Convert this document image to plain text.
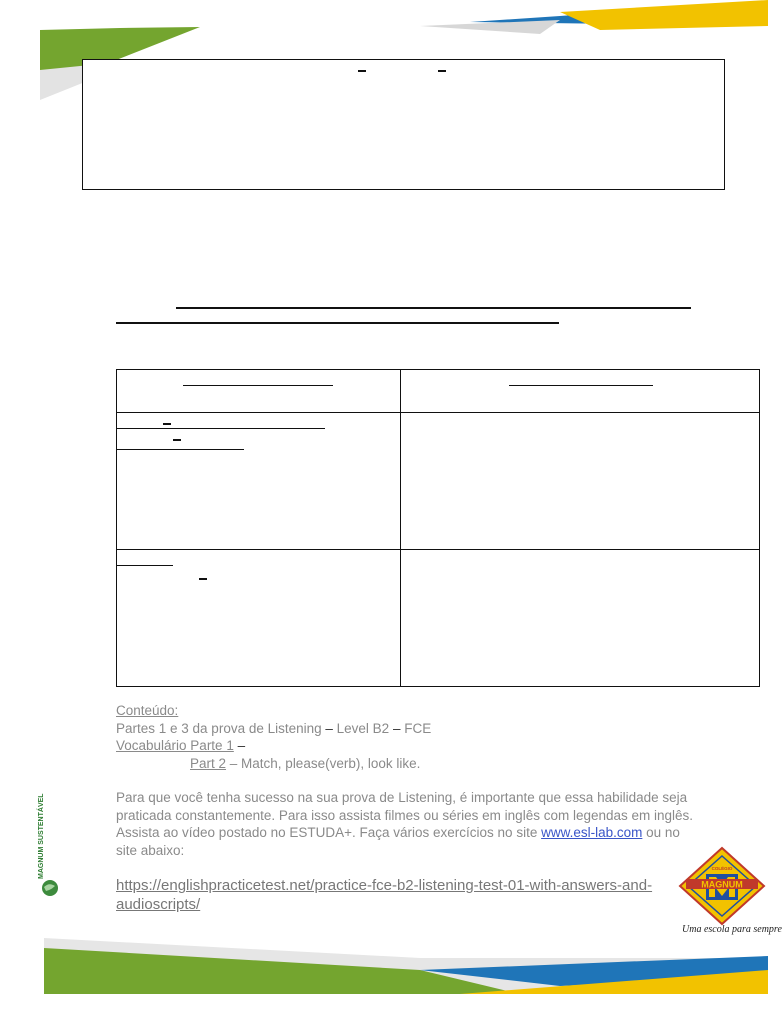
Conteúdo:
Partes 1 e 3 da prova de Listening – Level B2 – FCE
Vocabulário Parte 1 –
Part 2 – Match, please(verb), look like.
Para que você tenha sucesso na sua prova de Listening, é importante que essa habilidade seja praticada constantemente. Para isso assista filmes ou séries em inglês com legendas em inglês. Assista ao vídeo postado no ESTUDA+. Faça vários exercícios no site www.esl-lab.com ou no site abaixo:
https://englishpracticetest.net/practice-fce-b2-listening-test-01-with-answers-and-audioscripts/
MAGNUM SUSTENTÁVEL
MAGNUM
COLÉGIO
Uma escola para sempre
